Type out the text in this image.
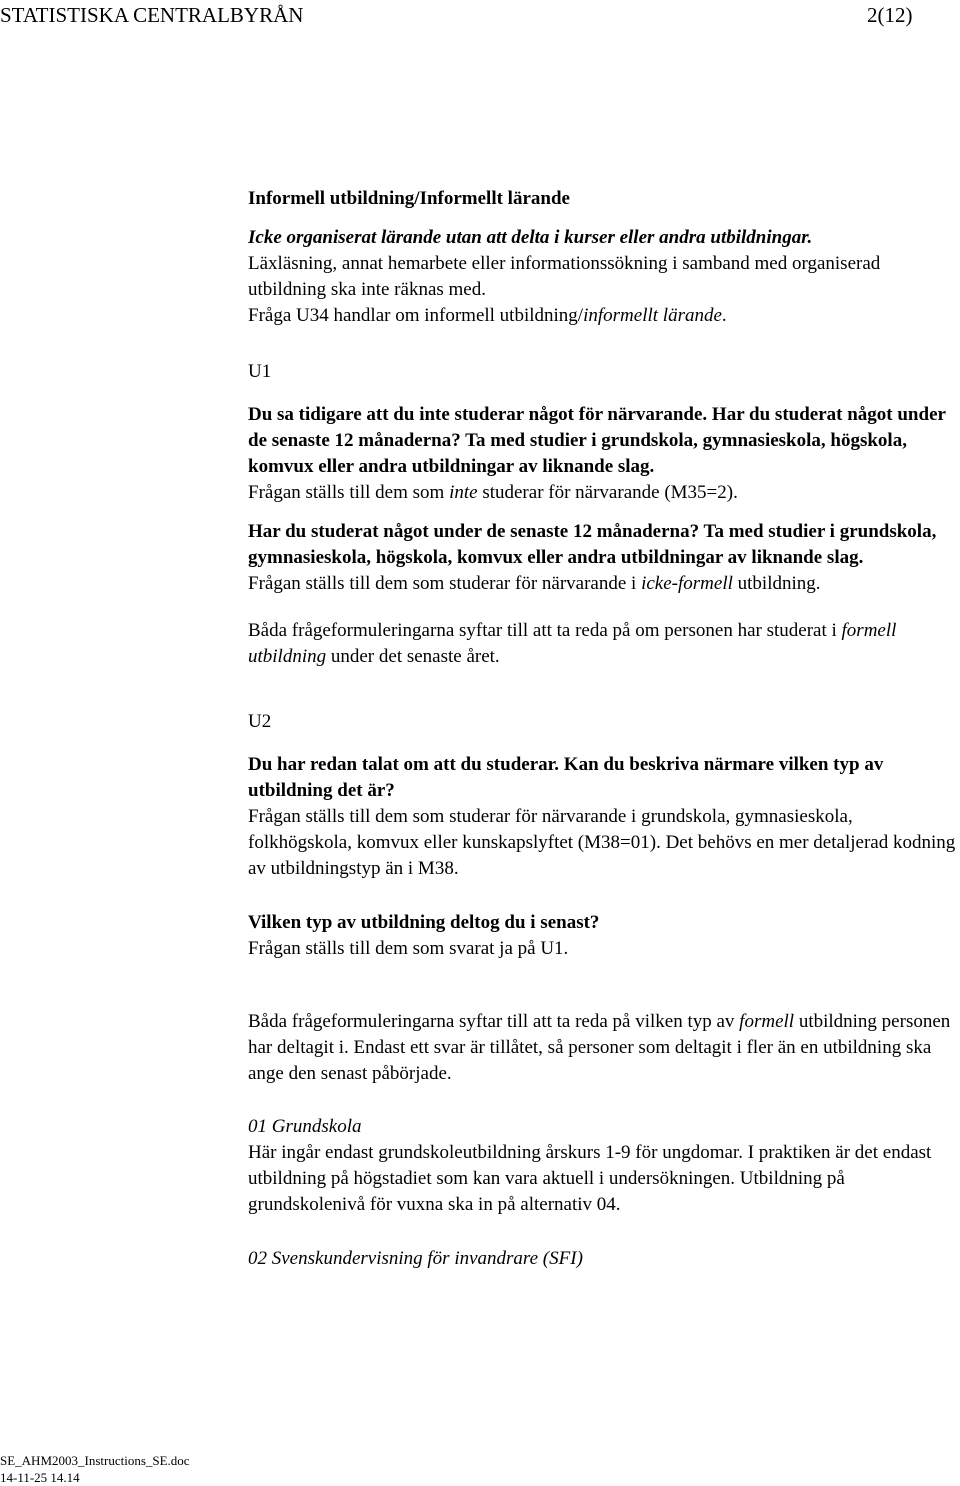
STATISTISKA CENTRALBYRÅN	2(12)

Informell utbildning/Informellt lärande

Icke organiserat lärande utan att delta i kurser eller andra utbildningar.
Läxläsning, annat hemarbete eller informationssökning i samband med organiserad utbildning ska inte räknas med.
Fråga U34 handlar om informell utbildning/informellt lärande.

U1

Du sa tidigare att du inte studerar något för närvarande. Har du studerat något under de senaste 12 månaderna? Ta med studier i grundskola, gymnasieskola, högskola, komvux eller andra utbildningar av liknande slag.
Frågan ställs till dem som inte studerar för närvarande (M35=2).

Har du studerat något under de senaste 12 månaderna? Ta med studier i grundskola, gymnasieskola, högskola, komvux eller andra utbildningar av liknande slag.
Frågan ställs till dem som studerar för närvarande i icke-formell utbildning.

Båda frågeformuleringarna syftar till att ta reda på om personen har studerat i formell utbildning under det senaste året.

U2

Du har redan talat om att du studerar. Kan du beskriva närmare vilken typ av utbildning det är?
Frågan ställs till dem som studerar för närvarande i grundskola, gymnasieskola, folkhögskola, komvux eller kunskapslyftet (M38=01). Det behövs en mer detaljerad kodning av utbildningstyp än i M38.

Vilken typ av utbildning deltog du i senast?
Frågan ställs till dem som svarat ja på U1.

Båda frågeformuleringarna syftar till att ta reda på vilken typ av formell utbildning personen har deltagit i. Endast ett svar är tillåtet, så personer som deltagit i fler än en utbildning ska ange den senast påbörjade.

01 Grundskola
Här ingår endast grundskoleutbildning årskurs 1-9 för ungdomar. I praktiken är det endast utbildning på högstadiet som kan vara aktuell i undersökningen. Utbildning på grundskolenivå för vuxna ska in på alternativ 04.

02 Svenskundervisning för invandrare (SFI)

SE_AHM2003_Instructions_SE.doc
14-11-25 14.14
